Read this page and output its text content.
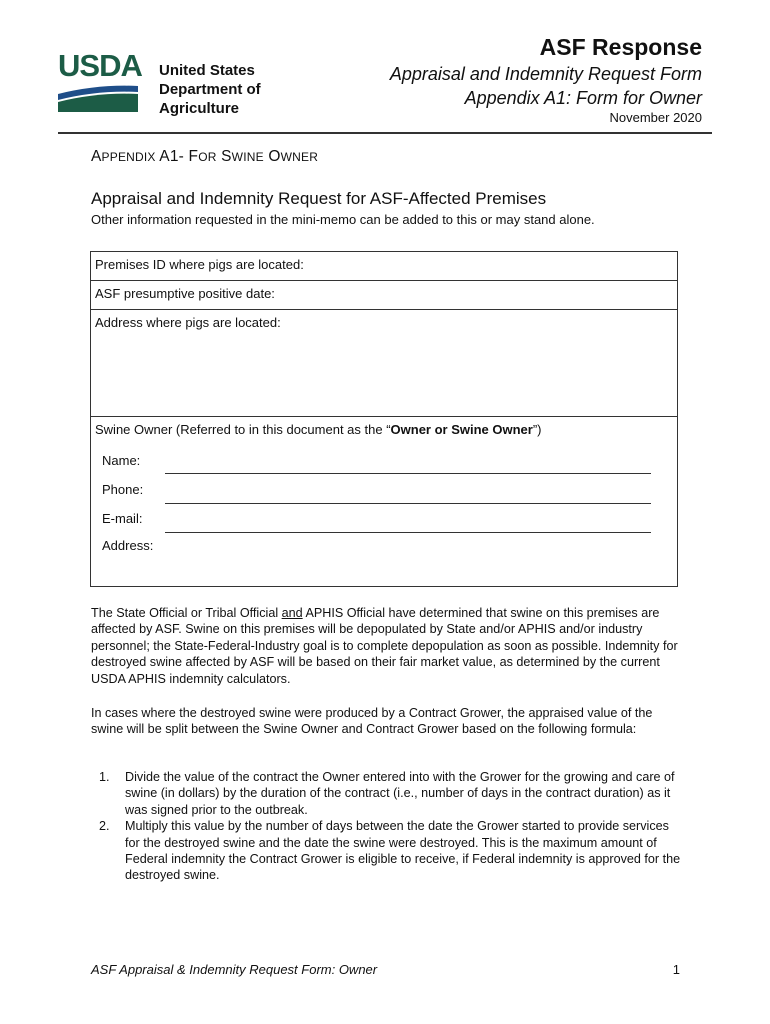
USDA United States
Department of
Agriculture
ASF Response
Appraisal and Indemnity Request Form
Appendix A1: Form for Owner
November 2020
APPENDIX A1- FOR SWINE OWNER
Appraisal and Indemnity Request for ASF-Affected Premises
Other information requested in the mini-memo can be added to this or may stand alone.
Premises ID where pigs are located:
ASF presumptive positive date:
Address where pigs are located:
Swine Owner (Referred to in this document as the “Owner or Swine Owner”)
Name:
Phone:
E-mail:
Address:
The State Official or Tribal Official and APHIS Official have determined that swine on this premises are affected by ASF. Swine on this premises will be depopulated by State and/or APHIS and/or industry personnel; the State-Federal-Industry goal is to complete depopulation as soon as possible. Indemnity for destroyed swine affected by ASF will be based on their fair market value, as determined by the current USDA APHIS indemnity calculators.
In cases where the destroyed swine were produced by a Contract Grower, the appraised value of the swine will be split between the Swine Owner and Contract Grower based on the following formula:
1. Divide the value of the contract the Owner entered into with the Grower for the growing and care of swine (in dollars) by the duration of the contract (i.e., number of days in the contract duration) as it was signed prior to the outbreak.
2. Multiply this value by the number of days between the date the Grower started to provide services for the destroyed swine and the date the swine were destroyed. This is the maximum amount of Federal indemnity the Contract Grower is eligible to receive, if Federal indemnity is approved for the destroyed swine.
ASF Appraisal & Indemnity Request Form: Owner	1
